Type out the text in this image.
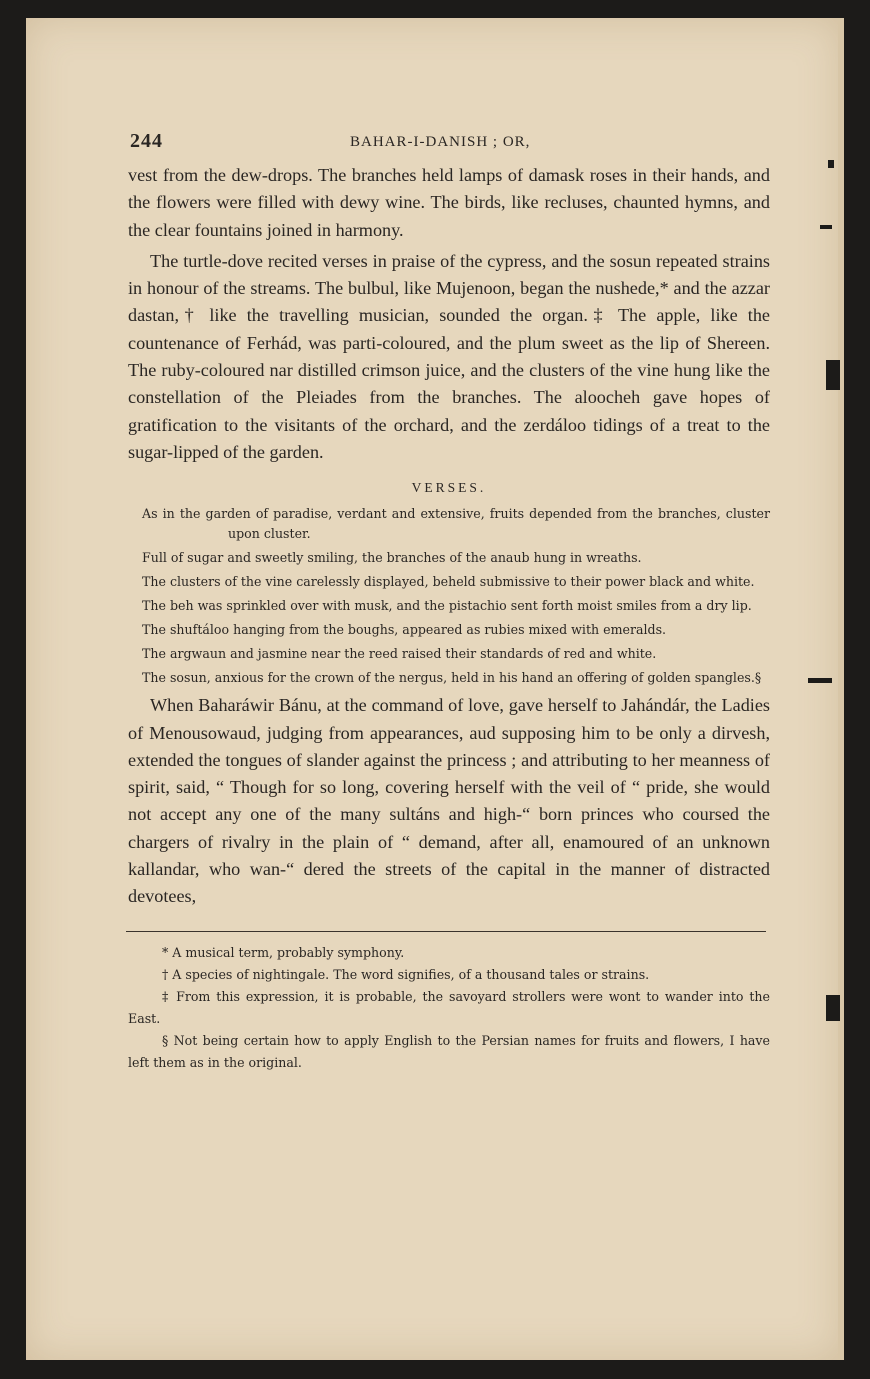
244	BAHAR-I-DANISH ; OR,

vest from the dew-drops. The branches held lamps of damask roses in their hands, and the flowers were filled with dewy wine. The birds, like recluses, chaunted hymns, and the clear fountains joined in harmony.

The turtle-dove recited verses in praise of the cypress, and the sosun repeated strains in honour of the streams. The bulbul, like Mujenoon, began the nushede,* and the azzar dastan,† like the travelling musician, sounded the organ.‡ The apple, like the countenance of Ferhád, was parti-coloured, and the plum sweet as the lip of Shereen. The ruby-coloured nar distilled crimson juice, and the clusters of the vine hung like the constellation of the Pleiades from the branches. The aloocheh gave hopes of gratification to the visitants of the orchard, and the zerdáloo tidings of a treat to the sugar-lipped of the garden.

VERSES.

As in the garden of paradise, verdant and extensive, fruits depended from the branches, cluster upon cluster.

Full of sugar and sweetly smiling, the branches of the anaub hung in wreaths.

The clusters of the vine carelessly displayed, beheld submissive to their power black and white.

The beh was sprinkled over with musk, and the pistachio sent forth moist smiles from a dry lip.

The shuftáloo hanging from the boughs, appeared as rubies mixed with emeralds.

The argwaun and jasmine near the reed raised their standards of red and white.

The sosun, anxious for the crown of the nergus, held in his hand an offering of golden spangles.§

When Baharáwir Bánu, at the command of love, gave herself to Jahándár, the Ladies of Menousowaud, judging from appearances, aud supposing him to be only a dirvesh, extended the tongues of slander against the princess ; and attributing to her meanness of spirit, said, “ Though for so long, covering herself with the veil of “ pride, she would not accept any one of the many sultáns and high-“ born princes who coursed the chargers of rivalry in the plain of “ demand, after all, enamoured of an unknown kallandar, who wan-“ dered the streets of the capital in the manner of distracted devotees,

* A musical term, probably symphony.

† A species of nightingale. The word signifies, of a thousand tales or strains.

‡ From this expression, it is probable, the savoyard strollers were wont to wander into the East.

§ Not being certain how to apply English to the Persian names for fruits and flowers, I have left them as in the original.
